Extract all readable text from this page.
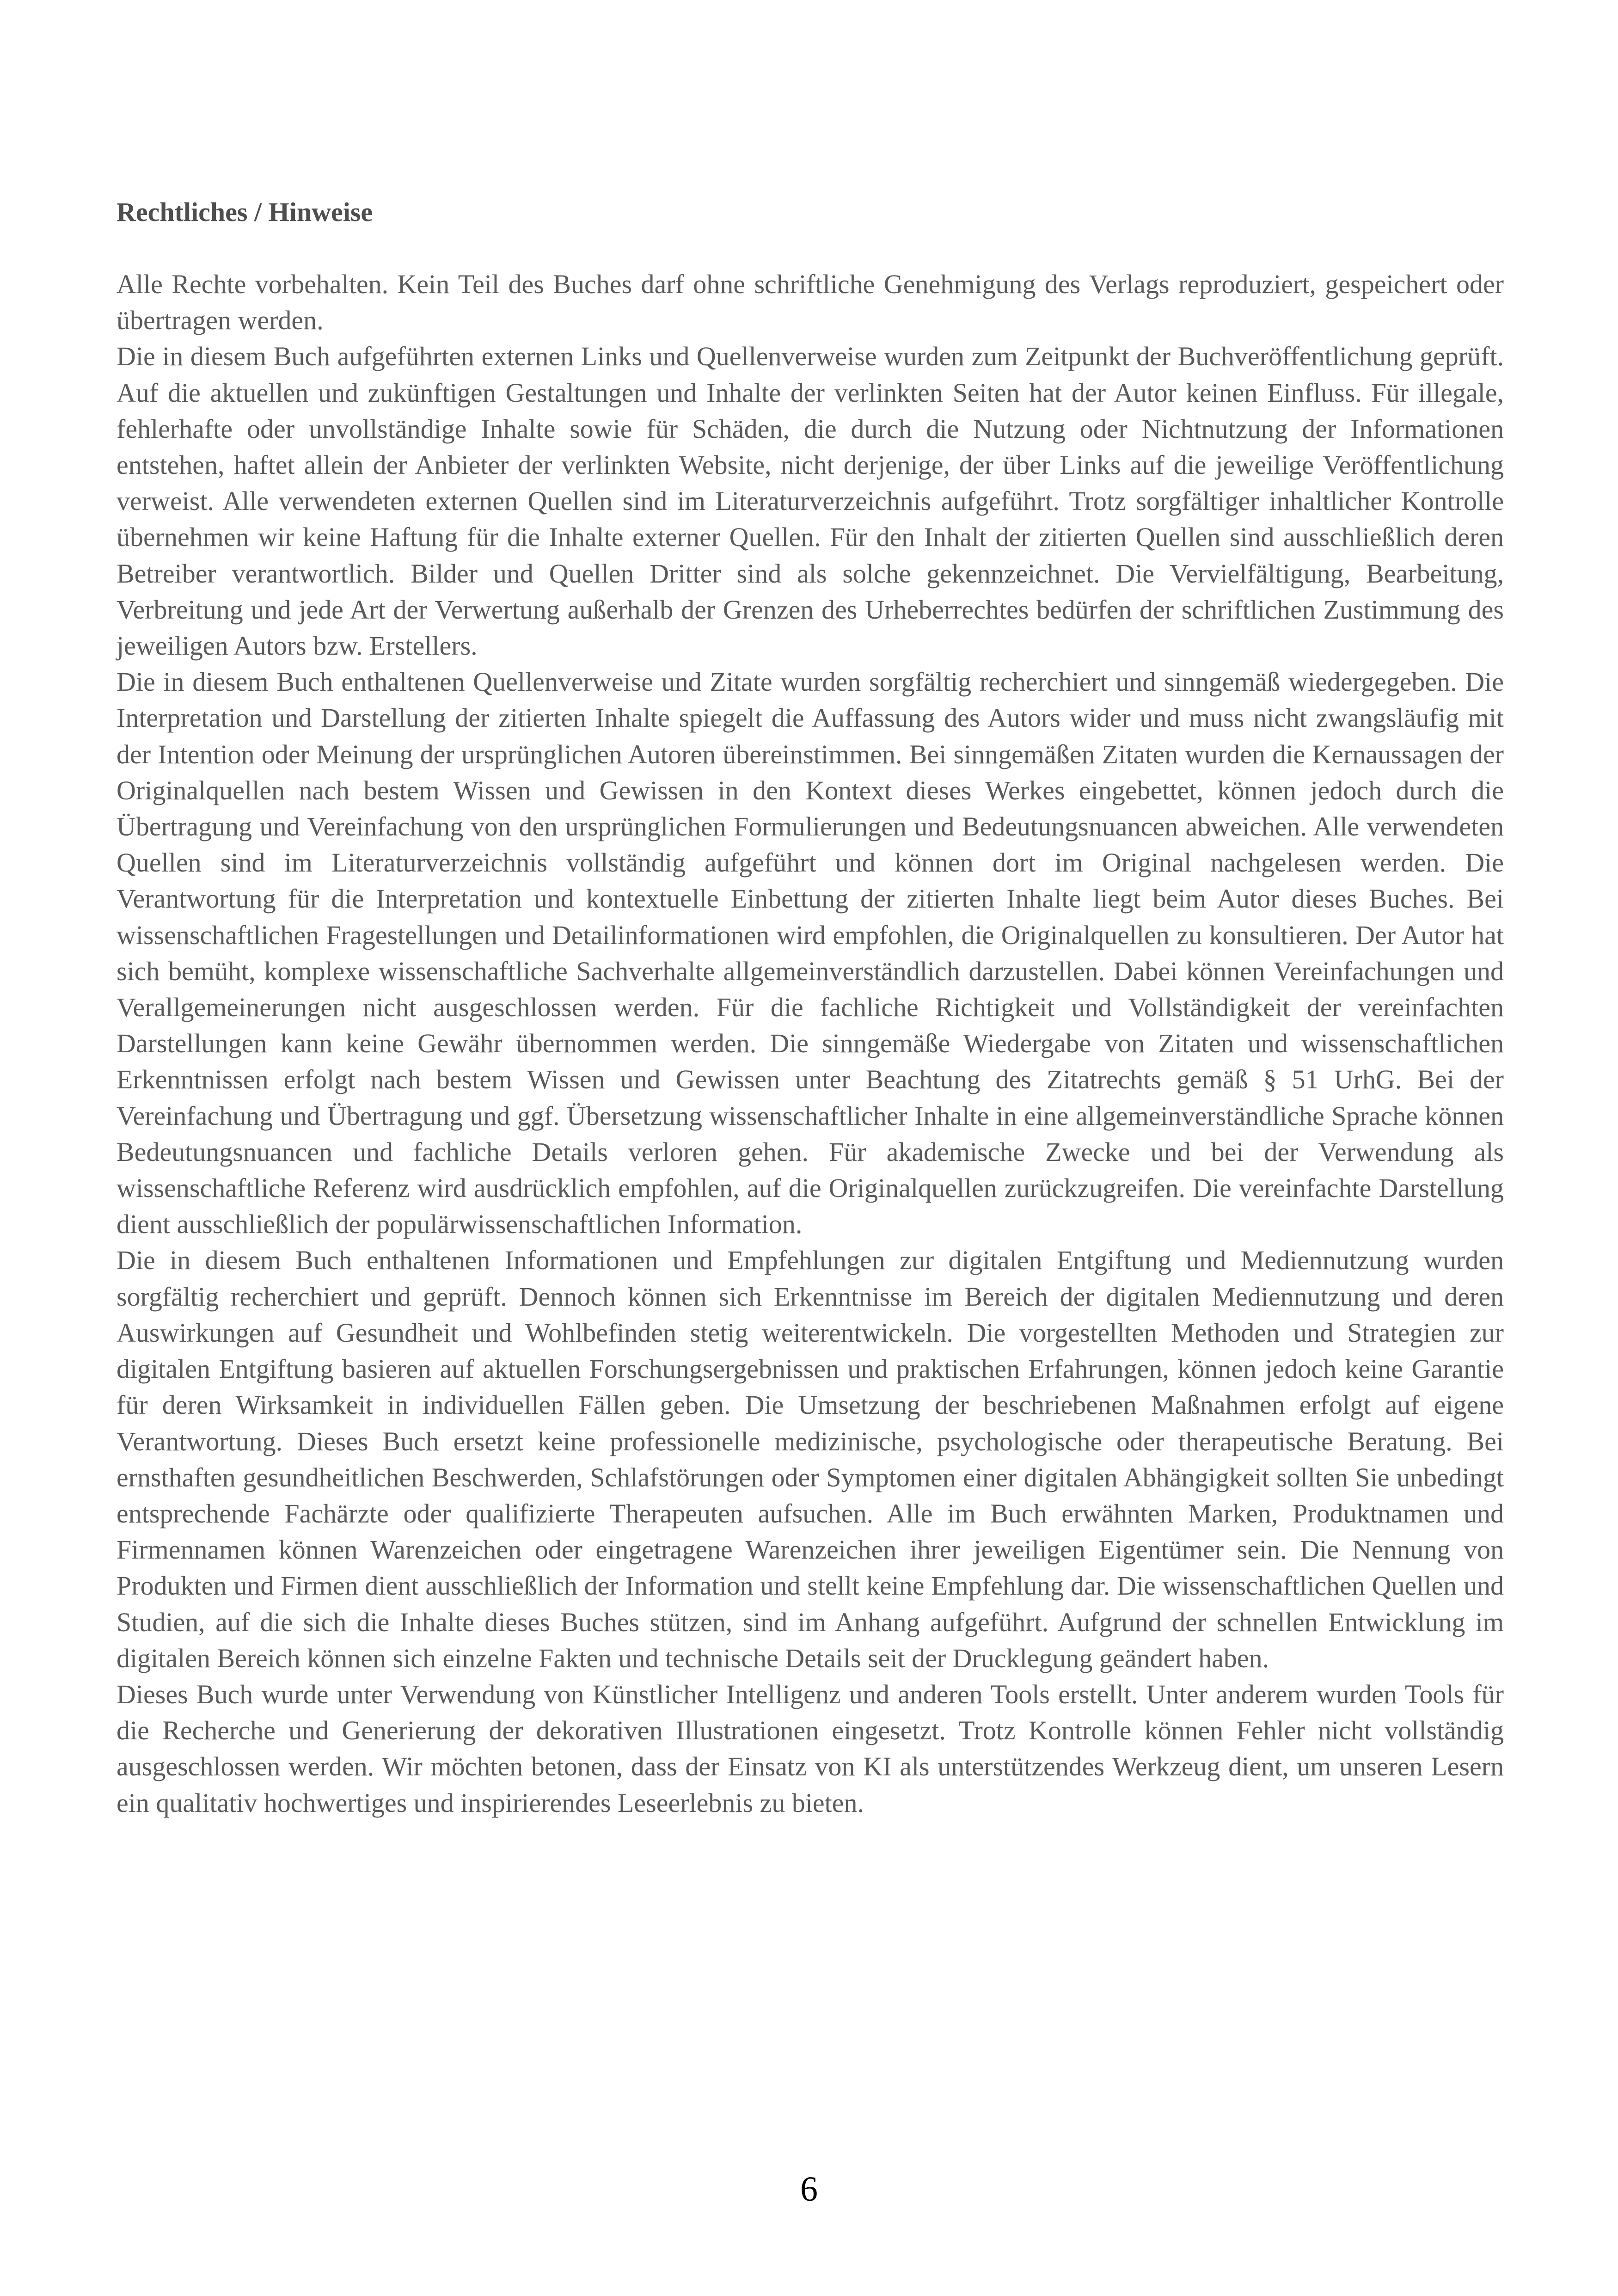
Rechtliches / Hinweise

Alle Rechte vorbehalten. Kein Teil des Buches darf ohne schriftliche Genehmigung des Verlags reproduziert, gespeichert oder übertragen werden.

Die in diesem Buch aufgeführten externen Links und Quellenverweise wurden zum Zeitpunkt der Buchveröffentlichung geprüft. Auf die aktuellen und zukünftigen Gestaltungen und Inhalte der verlinkten Seiten hat der Autor keinen Einfluss. Für illegale, fehlerhafte oder unvollständige Inhalte sowie für Schäden, die durch die Nutzung oder Nichtnutzung der Informationen entstehen, haftet allein der Anbieter der verlinkten Website, nicht derjenige, der über Links auf die jeweilige Veröffentlichung verweist. Alle verwendeten externen Quellen sind im Literaturverzeichnis aufgeführt. Trotz sorgfältiger inhaltlicher Kontrolle übernehmen wir keine Haftung für die Inhalte externer Quellen. Für den Inhalt der zitierten Quellen sind ausschließlich deren Betreiber verantwortlich. Bilder und Quellen Dritter sind als solche gekennzeichnet. Die Vervielfältigung, Bearbeitung, Verbreitung und jede Art der Verwertung außerhalb der Grenzen des Urheberrechtes bedürfen der schriftlichen Zustimmung des jeweiligen Autors bzw. Erstellers.

Die in diesem Buch enthaltenen Quellenverweise und Zitate wurden sorgfältig recherchiert und sinngemäß wiedergegeben. Die Interpretation und Darstellung der zitierten Inhalte spiegelt die Auffassung des Autors wider und muss nicht zwangsläufig mit der Intention oder Meinung der ursprünglichen Autoren übereinstimmen. Bei sinngemäßen Zitaten wurden die Kernaussagen der Originalquellen nach bestem Wissen und Gewissen in den Kontext dieses Werkes eingebettet, können jedoch durch die Übertragung und Vereinfachung von den ursprünglichen Formulierungen und Bedeutungsnuancen abweichen. Alle verwendeten Quellen sind im Literaturverzeichnis vollständig aufgeführt und können dort im Original nachgelesen werden. Die Verantwortung für die Interpretation und kontextuelle Einbettung der zitierten Inhalte liegt beim Autor dieses Buches. Bei wissenschaftlichen Fragestellungen und Detailinformationen wird empfohlen, die Originalquellen zu konsultieren. Der Autor hat sich bemüht, komplexe wissenschaftliche Sachverhalte allgemeinverständlich darzustellen. Dabei können Vereinfachungen und Verallgemeinerungen nicht ausgeschlossen werden. Für die fachliche Richtigkeit und Vollständigkeit der vereinfachten Darstellungen kann keine Gewähr übernommen werden. Die sinngemäße Wiedergabe von Zitaten und wissenschaftlichen Erkenntnissen erfolgt nach bestem Wissen und Gewissen unter Beachtung des Zitatrechts gemäß § 51 UrhG. Bei der Vereinfachung und Übertragung und ggf. Übersetzung wissenschaftlicher Inhalte in eine allgemeinverständliche Sprache können Bedeutungsnuancen und fachliche Details verloren gehen. Für akademische Zwecke und bei der Verwendung als wissenschaftliche Referenz wird ausdrücklich empfohlen, auf die Originalquellen zurückzugreifen. Die vereinfachte Darstellung dient ausschließlich der populärwissenschaftlichen Information.

Die in diesem Buch enthaltenen Informationen und Empfehlungen zur digitalen Entgiftung und Mediennutzung wurden sorgfältig recherchiert und geprüft. Dennoch können sich Erkenntnisse im Bereich der digitalen Mediennutzung und deren Auswirkungen auf Gesundheit und Wohlbefinden stetig weiterentwickeln. Die vorgestellten Methoden und Strategien zur digitalen Entgiftung basieren auf aktuellen Forschungsergebnissen und praktischen Erfahrungen, können jedoch keine Garantie für deren Wirksamkeit in individuellen Fällen geben. Die Umsetzung der beschriebenen Maßnahmen erfolgt auf eigene Verantwortung. Dieses Buch ersetzt keine professionelle medizinische, psychologische oder therapeutische Beratung. Bei ernsthaften gesundheitlichen Beschwerden, Schlafstörungen oder Symptomen einer digitalen Abhängigkeit sollten Sie unbedingt entsprechende Fachärzte oder qualifizierte Therapeuten aufsuchen. Alle im Buch erwähnten Marken, Produktnamen und Firmennamen können Warenzeichen oder eingetragene Warenzeichen ihrer jeweiligen Eigentümer sein. Die Nennung von Produkten und Firmen dient ausschließlich der Information und stellt keine Empfehlung dar. Die wissenschaftlichen Quellen und Studien, auf die sich die Inhalte dieses Buches stützen, sind im Anhang aufgeführt. Aufgrund der schnellen Entwicklung im digitalen Bereich können sich einzelne Fakten und technische Details seit der Drucklegung geändert haben.

Dieses Buch wurde unter Verwendung von Künstlicher Intelligenz und anderen Tools erstellt. Unter anderem wurden Tools für die Recherche und Generierung der dekorativen Illustrationen eingesetzt. Trotz Kontrolle können Fehler nicht vollständig ausgeschlossen werden. Wir möchten betonen, dass der Einsatz von KI als unterstützendes Werkzeug dient, um unseren Lesern ein qualitativ hochwertiges und inspirierendes Leseerlebnis zu bieten.

6
